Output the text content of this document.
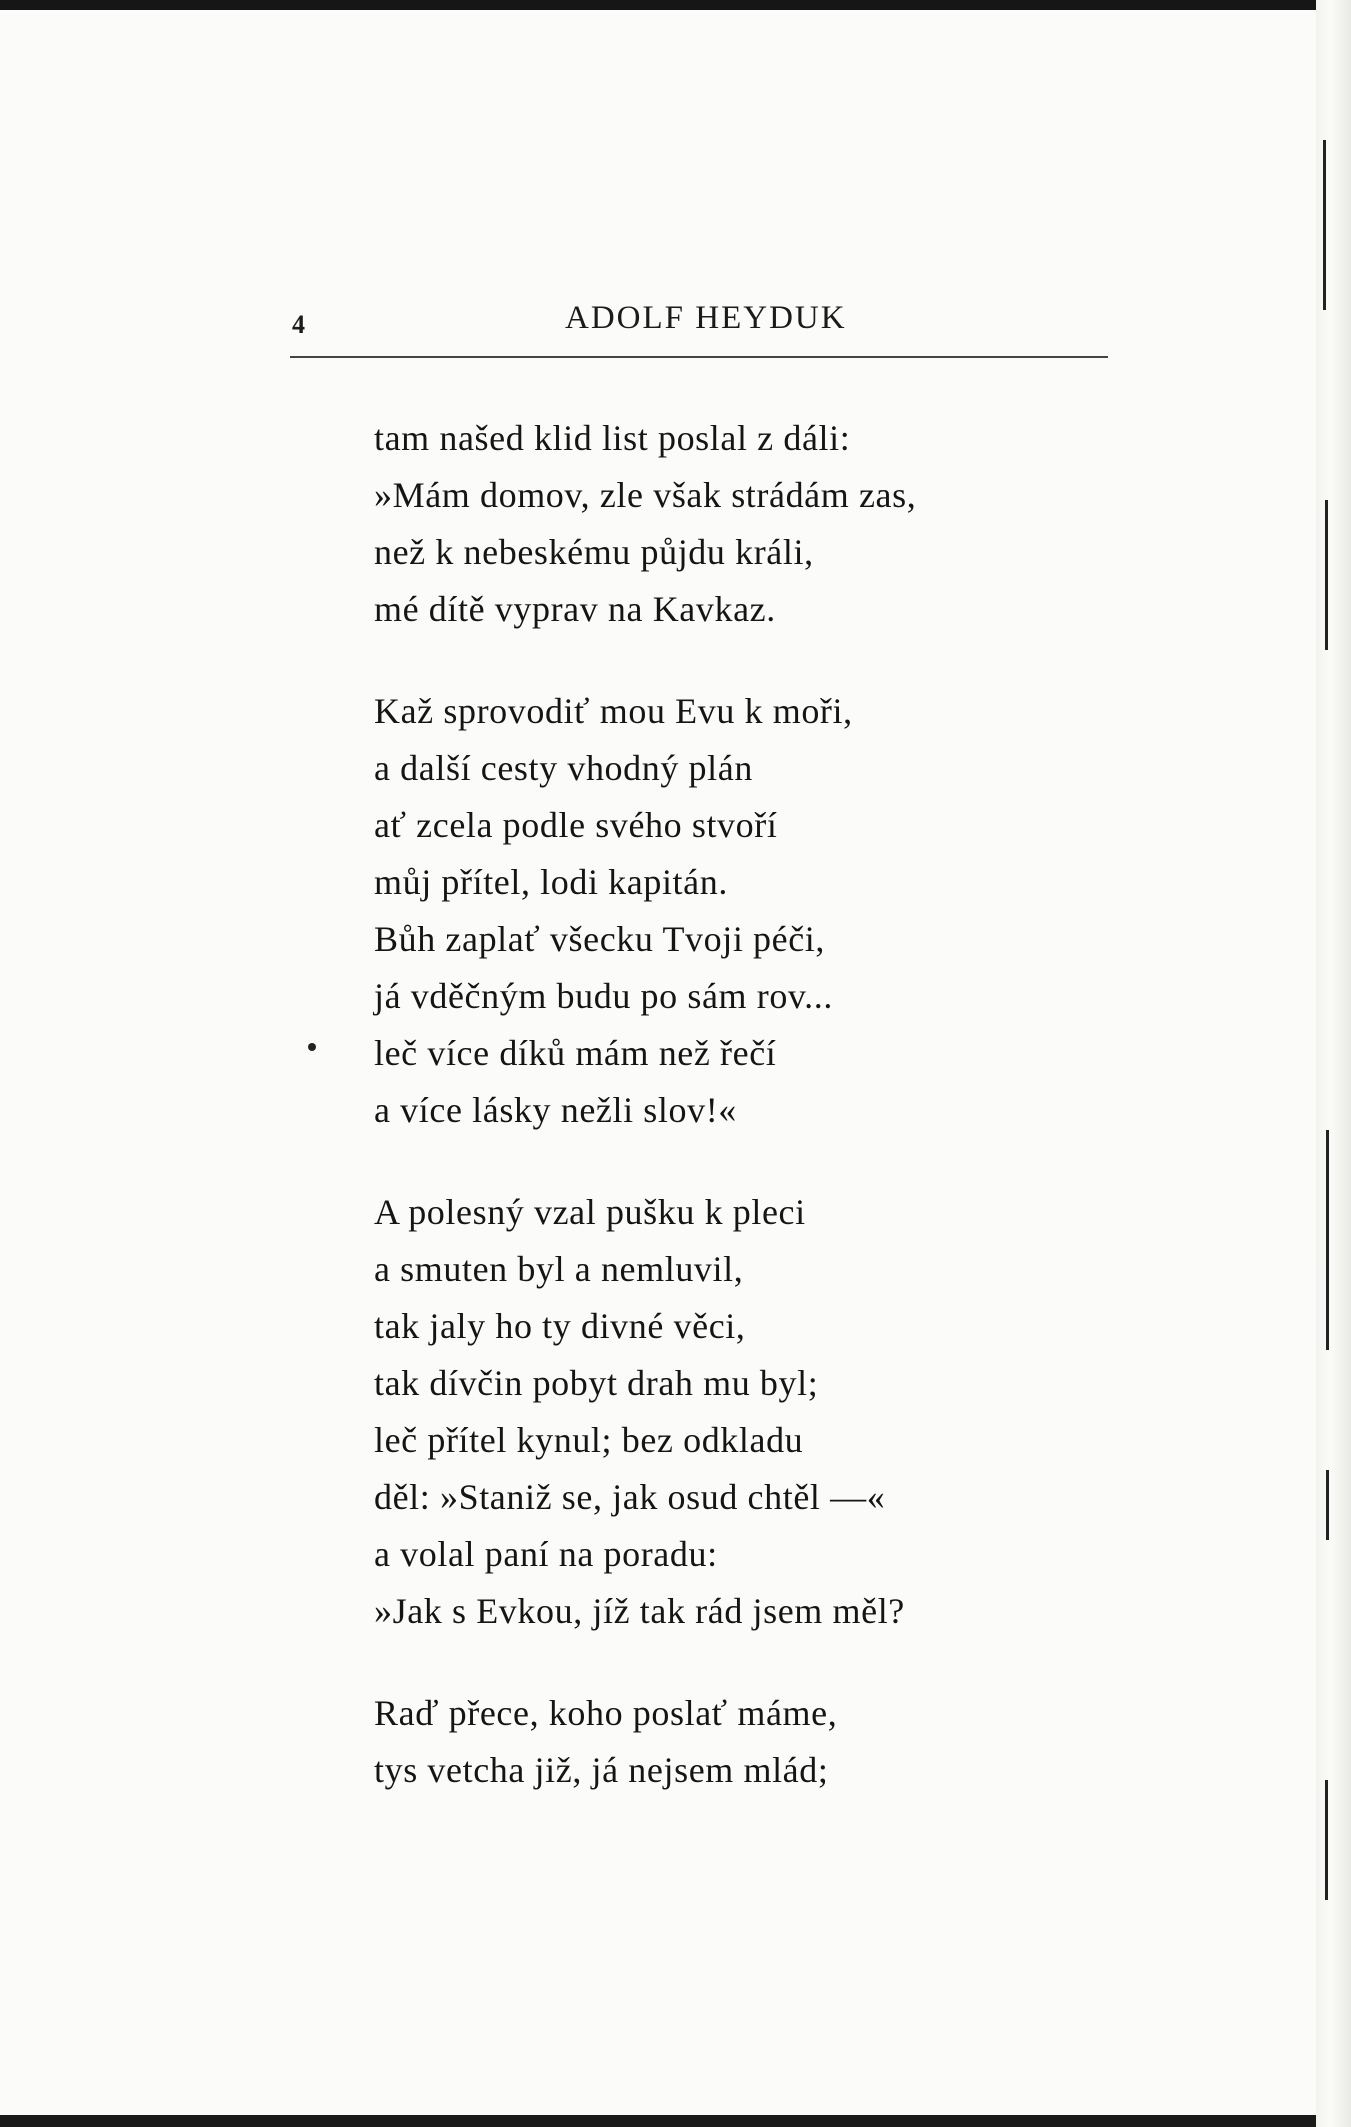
4	ADOLF HEYDUK
tam našed klid list poslal z dáli:
»Mám domov, zle však strádám zas,
než k nebeskému půjdu králi,
mé dítě vyprav na Kavkaz.
Kaž sprovodiť mou Evu k moři,
a další cesty vhodný plán
ať zcela podle svého stvoří
můj přítel, lodi kapitán.
Bůh zaplať všecku Tvoji péči,
já vděčným budu po sám rov...
leč více díků mám než řečí
a více lásky nežli slov!«
A polesný vzal pušku k pleci
a smuten byl a nemluvil,
tak jaly ho ty divné věci,
tak dívčin pobyt drah mu byl;
leč přítel kynul; bez odkladu
děl: »Staniž se, jak osud chtěl —«
a volal paní na poradu:
»Jak s Evkou, jíž tak rád jsem měl?
Raď přece, koho poslať máme,
tys vetcha již, já nejsem mlád;
